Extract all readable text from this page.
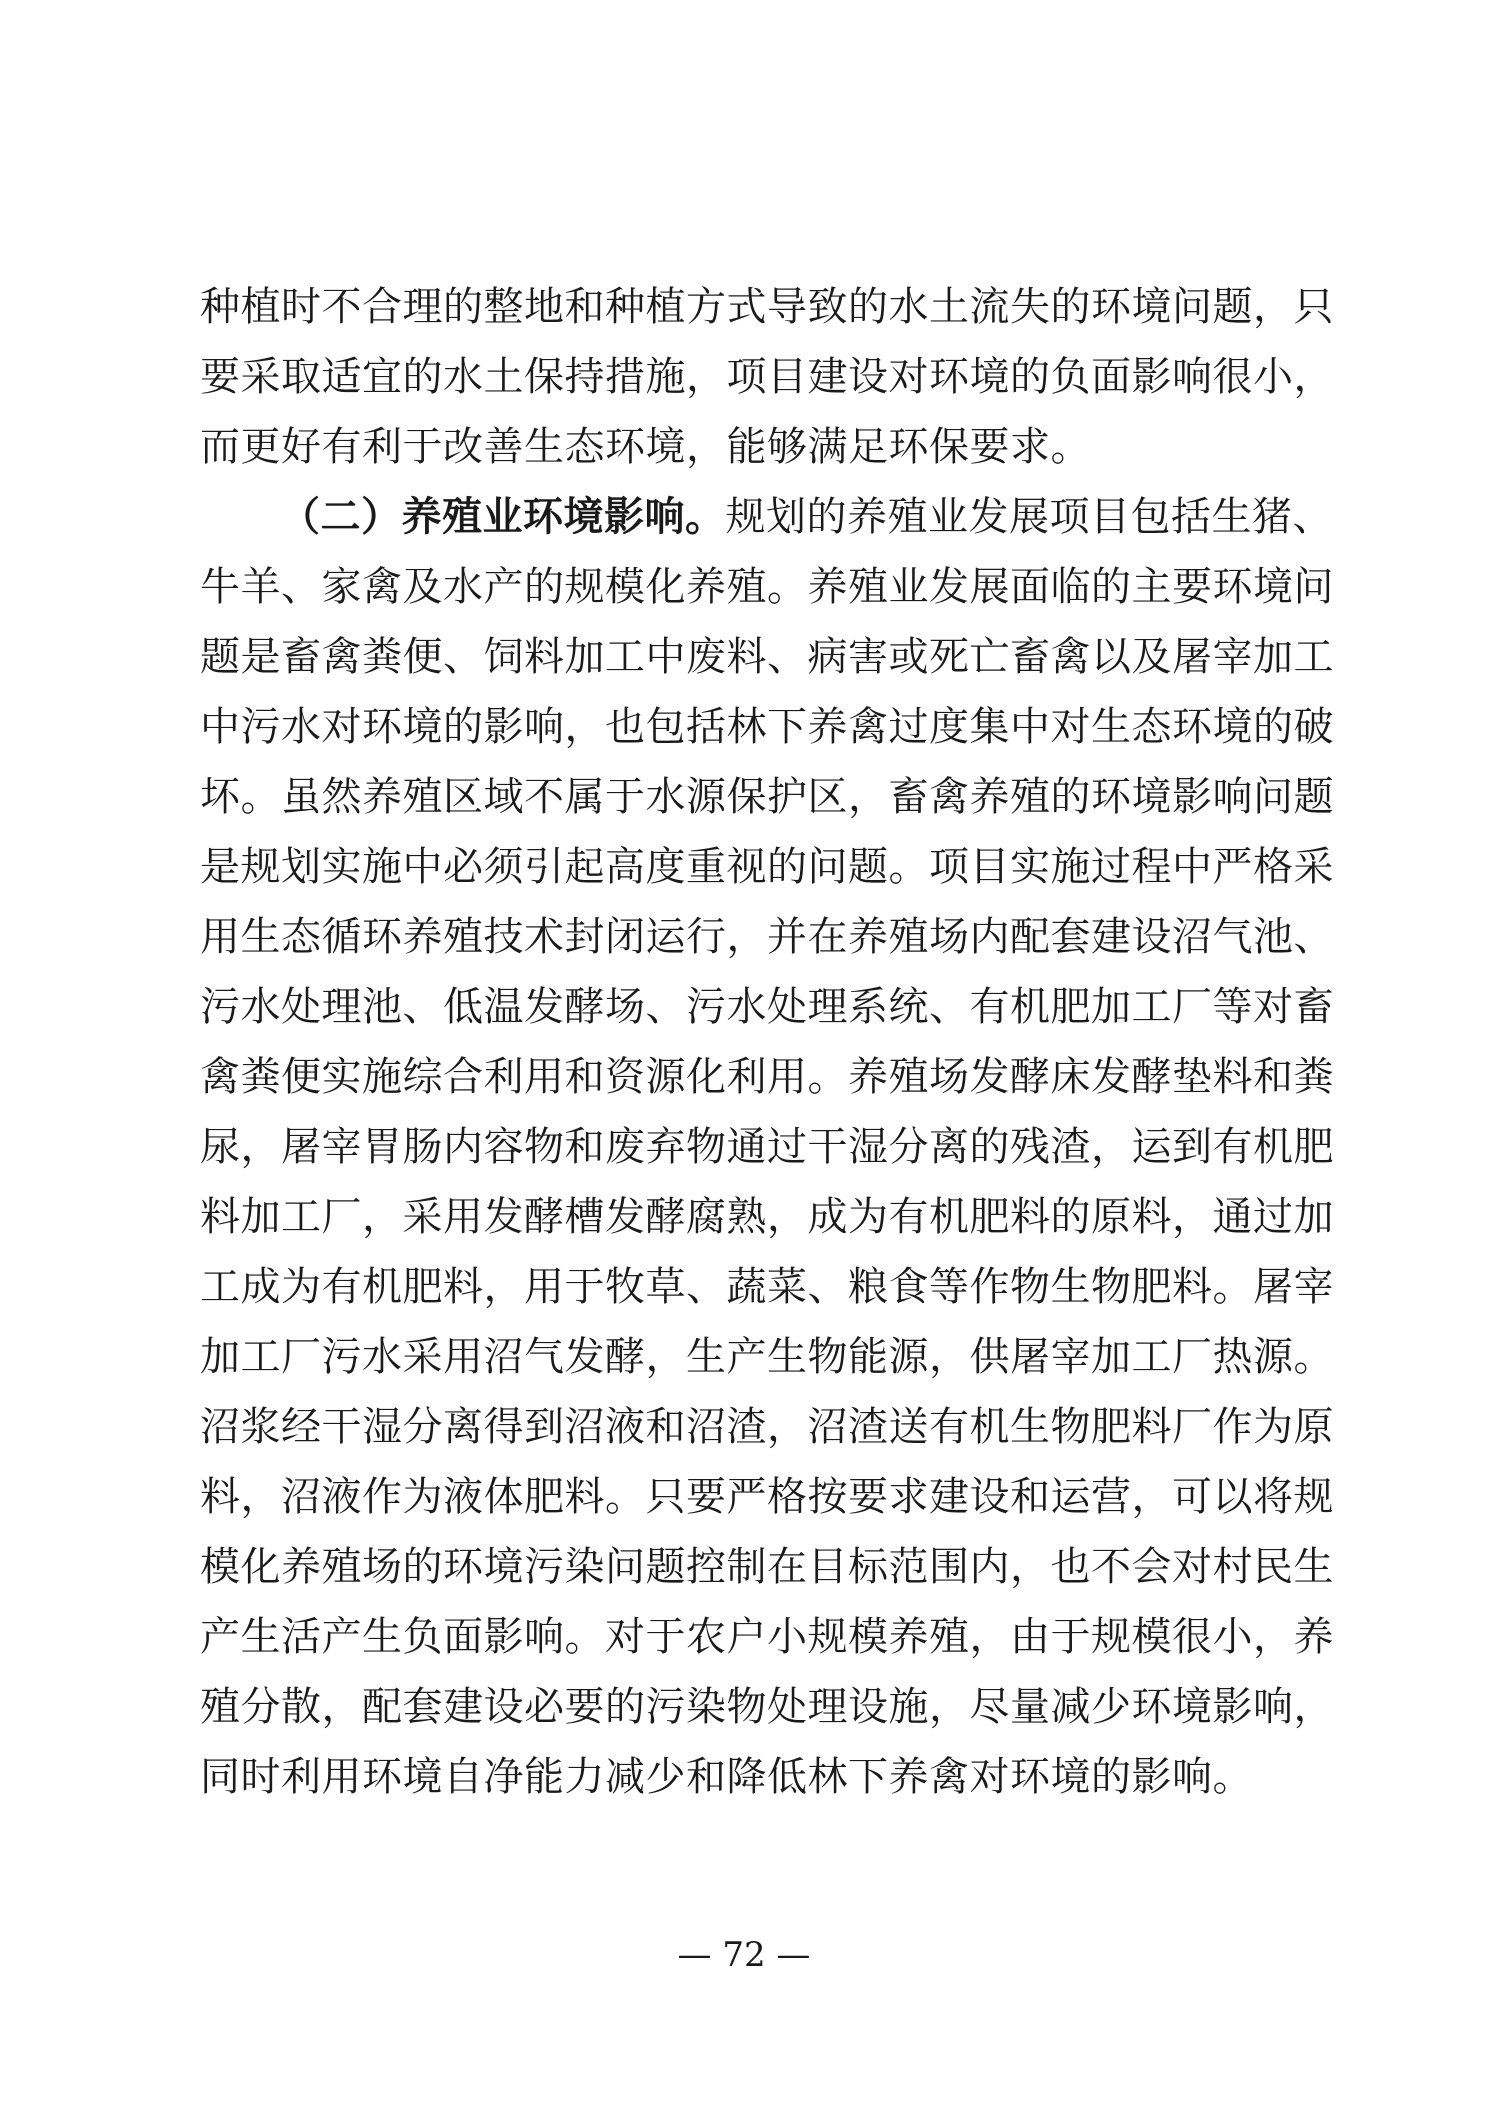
种植时不合理的整地和种植方式导致的水土流失的环境问题，只
要采取适宜的水土保持措施，项目建设对环境的负面影响很小，
而更好有利于改善生态环境，能够满足环保要求。
（二）养殖业环境影响。规划的养殖业发展项目包括生猪、
牛羊、家禽及水产的规模化养殖。养殖业发展面临的主要环境问
题是畜禽粪便、饲料加工中废料、病害或死亡畜禽以及屠宰加工
中污水对环境的影响，也包括林下养禽过度集中对生态环境的破
坏。虽然养殖区域不属于水源保护区，畜禽养殖的环境影响问题
是规划实施中必须引起高度重视的问题。项目实施过程中严格采
用生态循环养殖技术封闭运行，并在养殖场内配套建设沼气池、
污水处理池、低温发酵场、污水处理系统、有机肥加工厂等对畜
禽粪便实施综合利用和资源化利用。养殖场发酵床发酵垫料和粪
尿，屠宰胃肠内容物和废弃物通过干湿分离的残渣，运到有机肥
料加工厂，采用发酵槽发酵腐熟，成为有机肥料的原料，通过加
工成为有机肥料，用于牧草、蔬菜、粮食等作物生物肥料。屠宰
加工厂污水采用沼气发酵，生产生物能源，供屠宰加工厂热源。
沼浆经干湿分离得到沼液和沼渣，沼渣送有机生物肥料厂作为原
料，沼液作为液体肥料。只要严格按要求建设和运营，可以将规
模化养殖场的环境污染问题控制在目标范围内，也不会对村民生
产生活产生负面影响。对于农户小规模养殖，由于规模很小，养
殖分散，配套建设必要的污染物处理设施，尽量减少环境影响，
同时利用环境自净能力减少和降低林下养禽对环境的影响。
— 72 —
